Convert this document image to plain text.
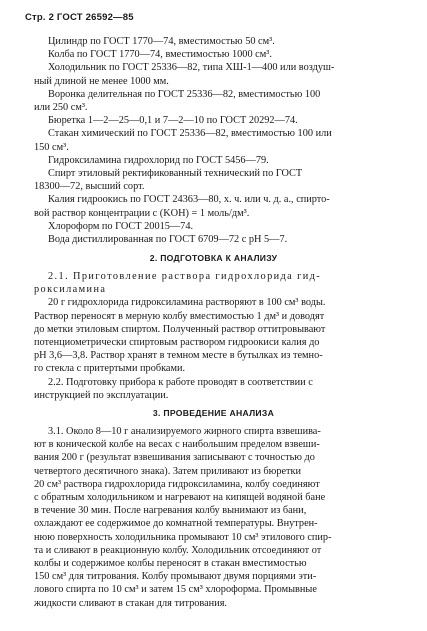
Стр. 2 ГОСТ 26592—85
Цилиндр по ГОСТ 1770—74, вместимостью 50 см³.
Колба по ГОСТ 1770—74, вместимостью 1000 см³.
Холодильник по ГОСТ 25336—82, типа ХШ-1—400 или воздуш-
ный длиной не менее 1000 мм.
Воронка делительная по ГОСТ 25336—82, вместимостью 100
или 250 см³.
Бюретка 1—2—25—0,1 и 7—2—10 по ГОСТ 20292—74.
Стакан химический по ГОСТ 25336—82, вместимостью 100 или
150 см³.
Гидроксиламина гидрохлорид по ГОСТ 5456—79.
Спирт этиловый ректификованный технический по ГОСТ
18300—72, высший сорт.
Калия гидроокись по ГОСТ 24363—80, х. ч. или ч. д. а., спирто-
вой раствор концентрации c (KOH) = 1 моль/дм³.
Хлороформ по ГОСТ 20015—74.
Вода дистиллированная по ГОСТ 6709—72 с pH 5—7.
2. ПОДГОТОВКА К АНАЛИЗУ
2.1. Приготовление раствора гидрохлорида гид-
роксиламина
20 г гидрохлорида гидроксиламина растворяют в 100 см³ воды.
Раствор переносят в мерную колбу вместимостью 1 дм³ и доводят
до метки этиловым спиртом. Полученный раствор оттитровывают
потенциометрически спиртовым раствором гидроокиси калия до
pH 3,6—3,8. Раствор хранят в темном месте в бутылках из темно-
го стекла с притертыми пробками.
2.2. Подготовку прибора к работе проводят в соответствии с
инструкцией по эксплуатации.
3. ПРОВЕДЕНИЕ АНАЛИЗА
3.1. Около 8—10 г анализируемого жирного спирта взвешива-
ют в конической колбе на весах с наибольшим пределом взвеши-
вания 200 г (результат взвешивания записывают с точностью до
четвертого десятичного знака). Затем приливают из бюретки
20 см³ раствора гидрохлорида гидроксиламина, колбу соединяют
с обратным холодильником и нагревают на кипящей водяной бане
в течение 30 мин. После нагревания колбу вынимают из бани,
охлаждают ее содержимое до комнатной температуры. Внутрен-
нюю поверхность холодильника промывают 10 см³ этилового спир-
та и сливают в реакционную колбу. Холодильник отсоединяют от
колбы и содержимое колбы переносят в стакан вместимостью
150 см³ для титрования. Колбу промывают двумя порциями эти-
лового спирта по 10 см³ и затем 15 см³ хлороформа. Промывные
жидкости сливают в стакан для титрования.
